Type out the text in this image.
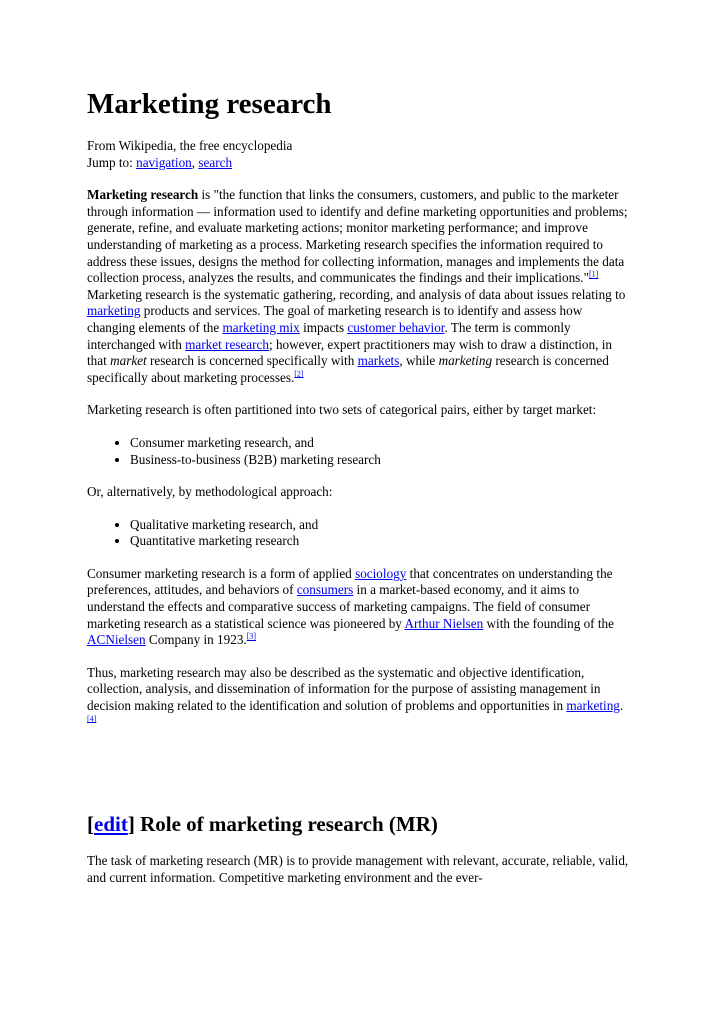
Marketing research
From Wikipedia, the free encyclopedia
Jump to: navigation, search

Marketing research is "the function that links the consumers, customers, and public to the marketer through information — information used to identify and define marketing opportunities and problems; generate, refine, and evaluate marketing actions; monitor marketing performance; and improve understanding of marketing as a process. Marketing research specifies the information required to address these issues, designs the method for collecting information, manages and implements the data collection process, analyzes the results, and communicates the findings and their implications."[1] Marketing research is the systematic gathering, recording, and analysis of data about issues relating to marketing products and services. The goal of marketing research is to identify and assess how changing elements of the marketing mix impacts customer behavior. The term is commonly interchanged with market research; however, expert practitioners may wish to draw a distinction, in that market research is concerned specifically with markets, while marketing research is concerned specifically about marketing processes.[2]

Marketing research is often partitioned into two sets of categorical pairs, either by target market:

• Consumer marketing research, and
• Business-to-business (B2B) marketing research

Or, alternatively, by methodological approach:

• Qualitative marketing research, and
• Quantitative marketing research

Consumer marketing research is a form of applied sociology that concentrates on understanding the preferences, attitudes, and behaviors of consumers in a market-based economy, and it aims to understand the effects and comparative success of marketing campaigns. The field of consumer marketing research as a statistical science was pioneered by Arthur Nielsen with the founding of the ACNielsen Company in 1923.[3]

Thus, marketing research may also be described as the systematic and objective identification, collection, analysis, and dissemination of information for the purpose of assisting management in decision making related to the identification and solution of problems and opportunities in marketing.[4]

[edit] Role of marketing research (MR)

The task of marketing research (MR) is to provide management with relevant, accurate, reliable, valid, and current information. Competitive marketing environment and the ever-
